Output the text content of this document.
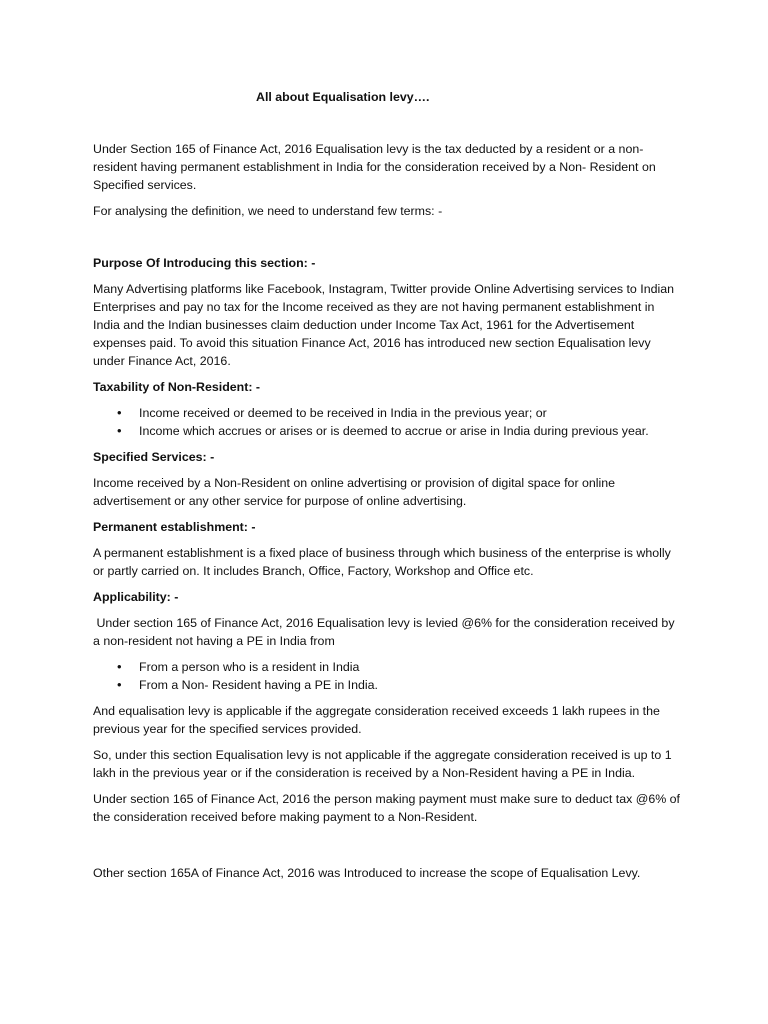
All about Equalisation levy….

Under Section 165 of Finance Act, 2016 Equalisation levy is the tax deducted by a resident or a non-resident having permanent establishment in India for the consideration received by a Non- Resident on Specified services.

For analysing the definition, we need to understand few terms: -

Purpose Of Introducing this section: -

Many Advertising platforms like Facebook, Instagram, Twitter provide Online Advertising services to Indian Enterprises and pay no tax for the Income received as they are not having permanent establishment in India and the Indian businesses claim deduction under Income Tax Act, 1961 for the Advertisement expenses paid. To avoid this situation Finance Act, 2016 has introduced new section Equalisation levy under Finance Act, 2016.

Taxability of Non-Resident: -
• Income received or deemed to be received in India in the previous year; or
• Income which accrues or arises or is deemed to accrue or arise in India during previous year.
Specified Services: -

Income received by a Non-Resident on online advertising or provision of digital space for online advertisement or any other service for purpose of online advertising.

Permanent establishment: -

A permanent establishment is a fixed place of business through which business of the enterprise is wholly or partly carried on. It includes Branch, Office, Factory, Workshop and Office etc.

Applicability: -

Under section 165 of Finance Act, 2016 Equalisation levy is levied @6% for the consideration received by a non-resident not having a PE in India from

• From a person who is a resident in India
• From a Non- Resident having a PE in India.

And equalisation levy is applicable if the aggregate consideration received exceeds 1 lakh rupees in the previous year for the specified services provided.

So, under this section Equalisation levy is not applicable if the aggregate consideration received is up to 1 lakh in the previous year or if the consideration is received by a Non-Resident having a PE in India.

Under section 165 of Finance Act, 2016 the person making payment must make sure to deduct tax @6% of the consideration received before making payment to a Non-Resident.

Other section 165A of Finance Act, 2016 was Introduced to increase the scope of Equalisation Levy.
